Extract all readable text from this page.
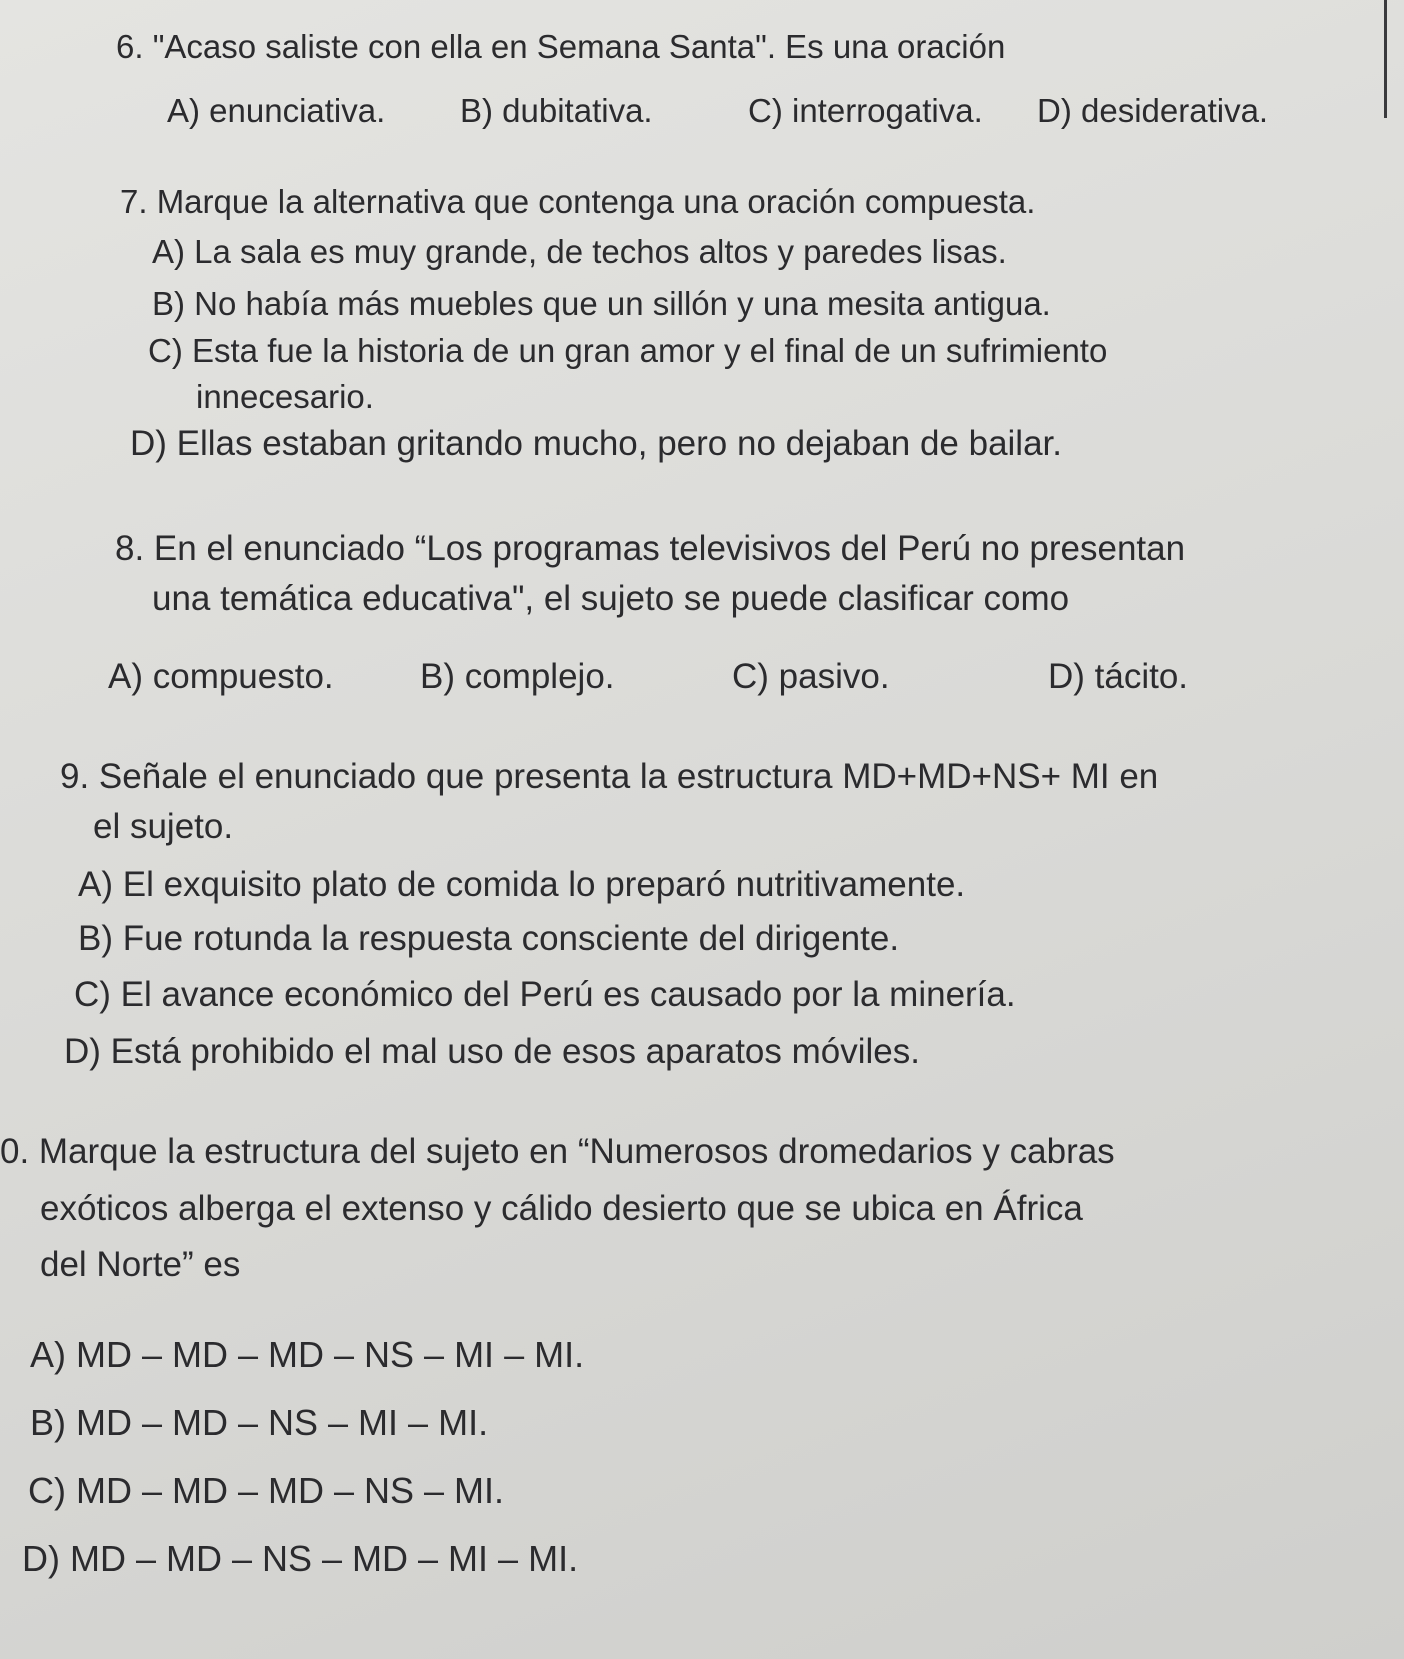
6. "Acaso saliste con ella en Semana Santa". Es una oración
A) enunciativa. B) dubitativa.	C) interrogativa. D) desiderativa.
7. Marque la alternativa que contenga una oración compuesta.
A) La sala es muy grande, de techos altos y paredes lisas.
B) No había más muebles que un sillón y una mesita antigua.
C) Esta fue la historia de un gran amor y el final de un sufrimiento
innecesario.
D) Ellas estaban gritando mucho, pero no dejaban de bailar.
8. En el enunciado “Los programas televisivos del Perú no presentan
una temática educativa", el sujeto se puede clasificar como
A) compuesto. B) complejo.	C) pasivo.	D) tácito.
9. Señale el enunciado que presenta la estructura MD+MD+NS+ MI en
el sujeto.
A) El exquisito plato de comida lo preparó nutritivamente.
B) Fue rotunda la respuesta consciente del dirigente.
C) El avance económico del Perú es causado por la minería.
D) Está prohibido el mal uso de esos aparatos móviles.
0. Marque la estructura del sujeto en “Numerosos dromedarios y cabras
exóticos alberga el extenso y cálido desierto que se ubica en África
del Norte” es
A) MD – MD – MD – NS – MI – MI.
B) MD – MD – NS – MI – MI.
C) MD – MD – MD – NS – MI.
D) MD – MD – NS – MD – MI – MI.
